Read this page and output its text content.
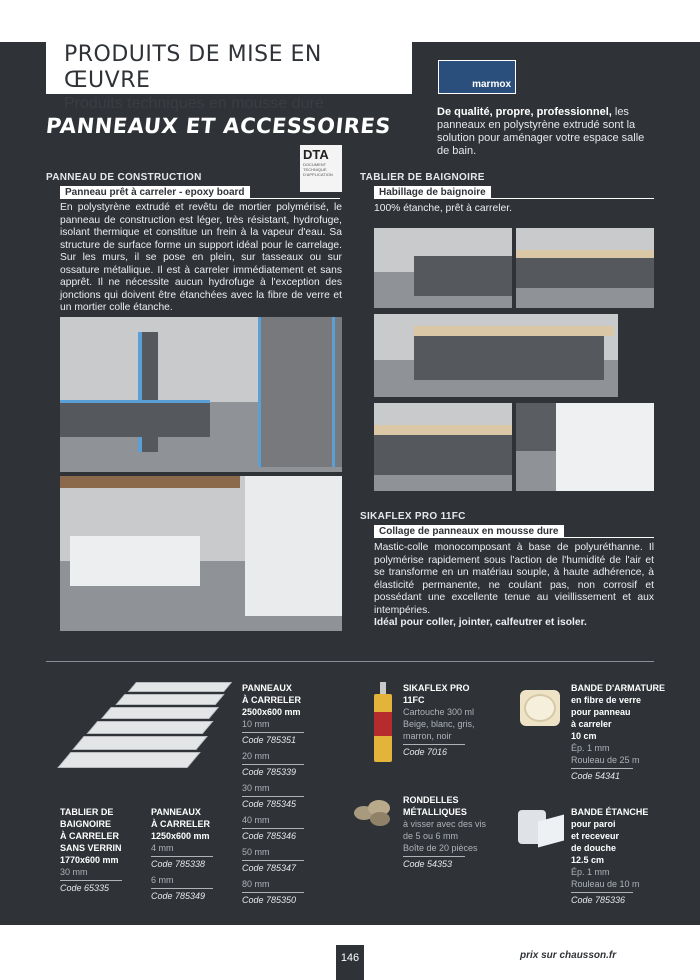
PRODUITS DE MISE EN ŒUVRE
Produits techniques en mousse dure
marmox
PANNEAUX ET ACCESSOIRES
De qualité, propre, professionnel, les panneaux en polystyrène extrudé sont la solution pour aménager votre espace salle de bain.
PANNEAU DE CONSTRUCTION
Panneau prêt à carreler - epoxy board
DTA
DOCUMENT
TECHNIQUE
D'APPLICATION
En polystyrène extrudé et revêtu de mortier polymérisé, le panneau de construction est léger, très résistant, hydrofuge, isolant thermique et constitue un frein à la vapeur d'eau. Sa structure de surface forme un support idéal pour le carrelage. Sur les murs, il se pose en plein, sur tasseaux ou sur ossature métallique. Il est à carreler immédiatement et sans apprêt. Il ne nécessite aucun hydrofuge à l'exception des jonctions qui doivent être étanchées avec la fibre de verre et un mortier colle étanche.
TABLIER DE BAIGNOIRE
Habillage de baignoire
100% étanche, prêt à carreler.
SIKAFLEX PRO 11FC
Collage de panneaux en mousse dure
Mastic-colle monocomposant à base de polyuréthanne. Il polymérise rapidement sous l'action de l'humidité de l'air et se transforme en un matériau souple, à haute adhérence, à élasticité permanente, ne coulant pas, non corrosif et possédant une excellente tenue au vieillissement et aux intempéries.
Idéal pour coller, jointer, calfeutrer et isoler.
TABLIER DE
BAIGNOIRE
À CARRELER
SANS VERRIN
1770x600 mm
30 mm
Code 65335
PANNEAUX
À CARRELER
1250x600 mm
4 mm
Code 785338
6 mm
Code 785349
PANNEAUX
À CARRELER
2500x600 mm
10 mm
Code 785351
20 mm
Code 785339
30 mm
Code 785345
40 mm
Code 785346
50 mm
Code 785347
80 mm
Code 785350
SIKAFLEX PRO
11FC
Cartouche 300 ml
Beige, blanc, gris,
marron, noir
Code 7016
RONDELLES
MÉTALLIQUES
à visser avec des vis
de 5 ou 6 mm
Boîte de 20 pièces
Code 54353
BANDE D'ARMATURE
en fibre de verre
pour panneau
à carreler
10 cm
Ép. 1 mm
Rouleau de 25 m
Code 54341
BANDE ÉTANCHE
pour paroi
et receveur
de douche
12.5 cm
Ép. 1 mm
Rouleau de 10 m
Code 785336
146	prix sur chausson.fr
